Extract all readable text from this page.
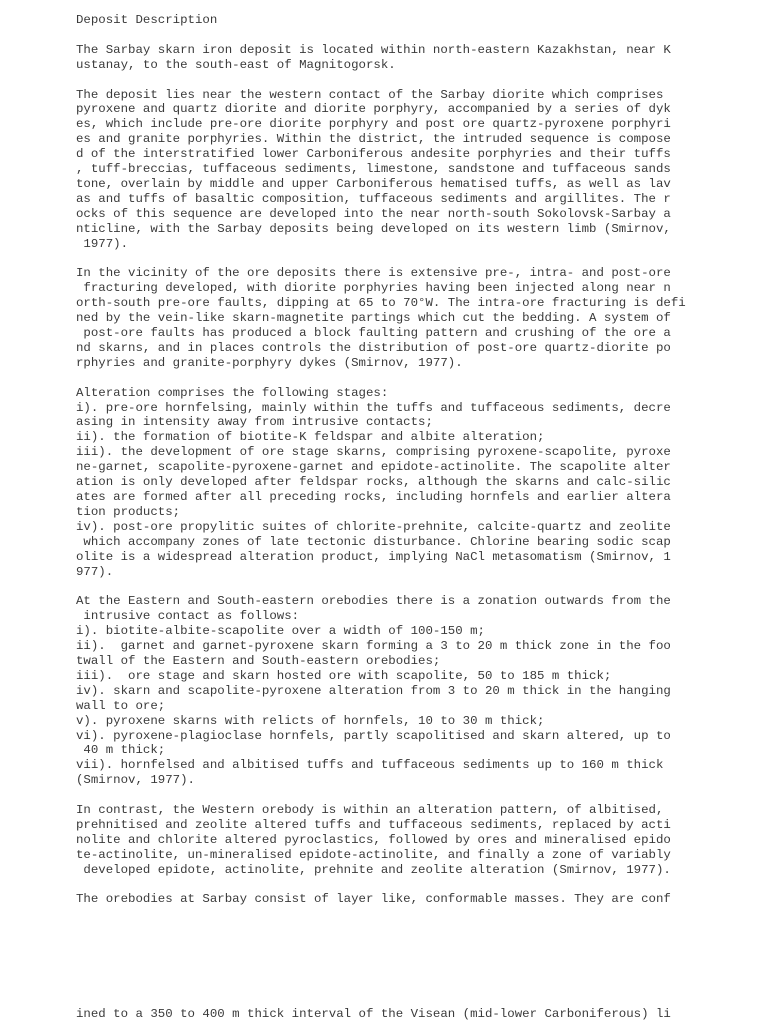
Deposit Description

The Sarbay skarn iron deposit is located within north-eastern Kazakhstan, near K
ustanay, to the south-east of Magnitogorsk.

The deposit lies near the western contact of the Sarbay diorite which comprises
pyroxene and quartz diorite and diorite porphyry, accompanied by a series of dyk
es, which include pre-ore diorite porphyry and post ore quartz-pyroxene porphyri
es and granite porphyries. Within the district, the intruded sequence is compose
d of the interstratified lower Carboniferous andesite porphyries and their tuffs
, tuff-breccias, tuffaceous sediments, limestone, sandstone and tuffaceous sands
tone, overlain by middle and upper Carboniferous hematised tuffs, as well as lav
as and tuffs of basaltic composition, tuffaceous sediments and argillites. The r
ocks of this sequence are developed into the near north-south Sokolovsk-Sarbay a
nticline, with the Sarbay deposits being developed on its western limb (Smirnov,
1977).

In the vicinity of the ore deposits there is extensive pre-, intra- and post-ore
fracturing developed, with diorite porphyries having been injected along near n
orth-south pre-ore faults, dipping at 65 to 70°W. The intra-ore fracturing is defi
ned by the vein-like skarn-magnetite partings which cut the bedding. A system of
post-ore faults has produced a block faulting pattern and crushing of the ore a
nd skarns, and in places controls the distribution of post-ore quartz-diorite po
rphyries and granite-porphyry dykes (Smirnov, 1977).

Alteration comprises the following stages:
i). pre-ore hornfelsing, mainly within the tuffs and tuffaceous sediments, decre
asing in intensity away from intrusive contacts;
ii). the formation of biotite-K feldspar and albite alteration;
iii). the development of ore stage skarns, comprising pyroxene-scapolite, pyroxe
ne-garnet, scapolite-pyroxene-garnet and epidote-actinolite. The scapolite alter
ation is only developed after feldspar rocks, although the skarns and calc-silic
ates are formed after all preceding rocks, including hornfels and earlier altera
tion products;
iv). post-ore propylitic suites of chlorite-prehnite, calcite-quartz and zeolite
which accompany zones of late tectonic disturbance. Chlorine bearing sodic scap
olite is a widespread alteration product, implying NaCl metasomatism (Smirnov, 1
977).

At the Eastern and South-eastern orebodies there is a zonation outwards from the
intrusive contact as follows:
i). biotite-albite-scapolite over a width of 100-150 m;
ii).  garnet and garnet-pyroxene skarn forming a 3 to 20 m thick zone in the foo
twall of the Eastern and South-eastern orebodies;
iii).  ore stage and skarn hosted ore with scapolite, 50 to 185 m thick;
iv). skarn and scapolite-pyroxene alteration from 3 to 20 m thick in the hanging
wall to ore;
v). pyroxene skarns with relicts of hornfels, 10 to 30 m thick;
vi). pyroxene-plagioclase hornfels, partly scapolitised and skarn altered, up to
40 m thick;
vii). hornfelsed and albitised tuffs and tuffaceous sediments up to 160 m thick
(Smirnov, 1977).

In contrast, the Western orebody is within an alteration pattern, of albitised,
prehnitised and zeolite altered tuffs and tuffaceous sediments, replaced by acti
nolite and chlorite altered pyroclastics, followed by ores and mineralised epido
te-actinolite, un-mineralised epidote-actinolite, and finally a zone of variably
developed epidote, actinolite, prehnite and zeolite alteration (Smirnov, 1977).

The orebodies at Sarbay consist of layer like, conformable masses. They are conf
ined to a 350 to 400 m thick interval of the Visean (mid-lower Carboniferous) li
